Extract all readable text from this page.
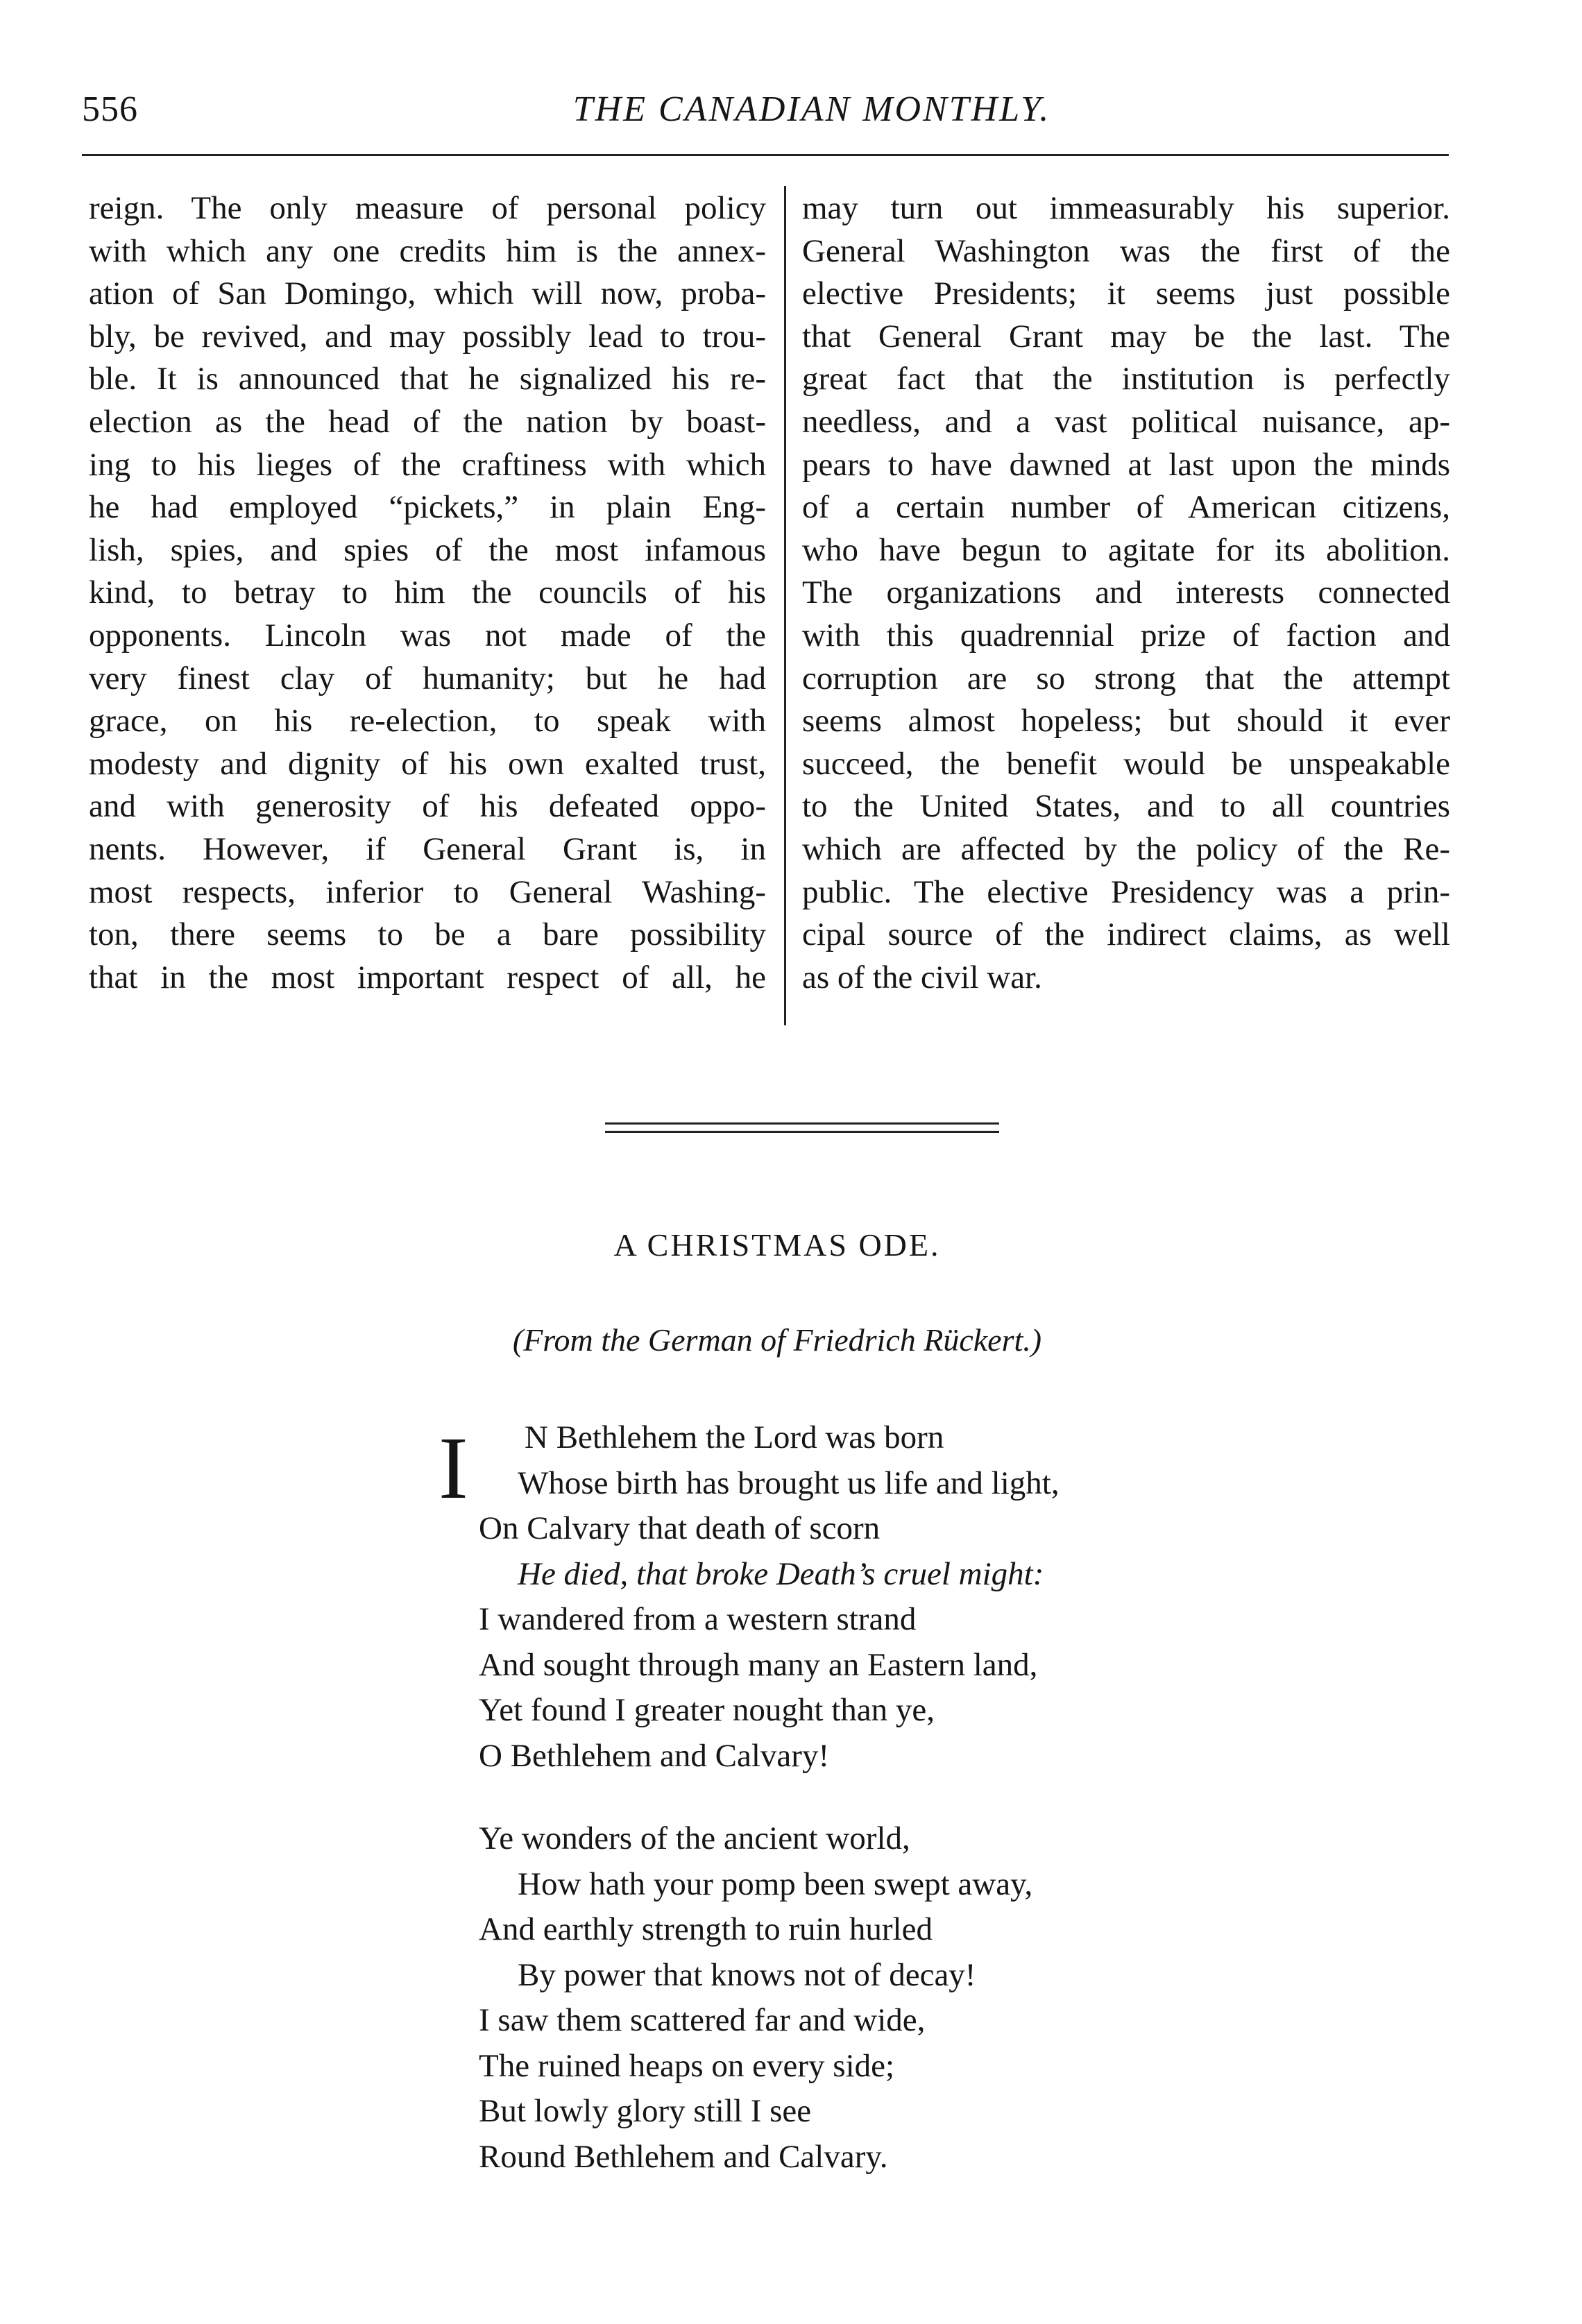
556	THE CANADIAN MONTHLY.
reign. The only measure of personal policy
with which any one credits him is the annex-
ation of San Domingo, which will now, proba-
bly, be revived, and may possibly lead to trou-
ble. It is announced that he signalized his re-
election as the head of the nation by boast-
ing to his lieges of the craftiness with which
he had employed “pickets,” in plain Eng-
lish, spies, and spies of the most infamous
kind, to betray to him the councils of his
opponents. Lincoln was not made of the
very finest clay of humanity; but he had
grace, on his re-election, to speak with
modesty and dignity of his own exalted trust,
and with generosity of his defeated oppo-
nents. However, if General Grant is, in
most respects, inferior to General Washing-
ton, there seems to be a bare possibility
that in the most important respect of all, he
may turn out immeasurably his superior.
General Washington was the first of the
elective Presidents; it seems just possible
that General Grant may be the last. The
great fact that the institution is perfectly
needless, and a vast political nuisance, ap-
pears to have dawned at last upon the minds
of a certain number of American citizens,
who have begun to agitate for its abolition.
The organizations and interests connected
with this quadrennial prize of faction and
corruption are so strong that the attempt
seems almost hopeless; but should it ever
succeed, the benefit would be unspeakable
to the United States, and to all countries
which are affected by the policy of the Re-
public. The elective Presidency was a prin-
cipal source of the indirect claims, as well
as of the civil war.
A CHRISTMAS ODE.
(From the German of Friedrich Rückert.)
I	N Bethlehem the Lord was born
Whose birth has brought us life and light,
On Calvary that death of scorn
He died, that broke Death’s cruel might:
I wandered from a western strand
And sought through many an Eastern land,
Yet found I greater nought than ye,
O Bethlehem and Calvary!
Ye wonders of the ancient world,
How hath your pomp been swept away,
And earthly strength to ruin hurled
By power that knows not of decay!
I saw them scattered far and wide,
The ruined heaps on every side;
But lowly glory still I see
Round Bethlehem and Calvary.
